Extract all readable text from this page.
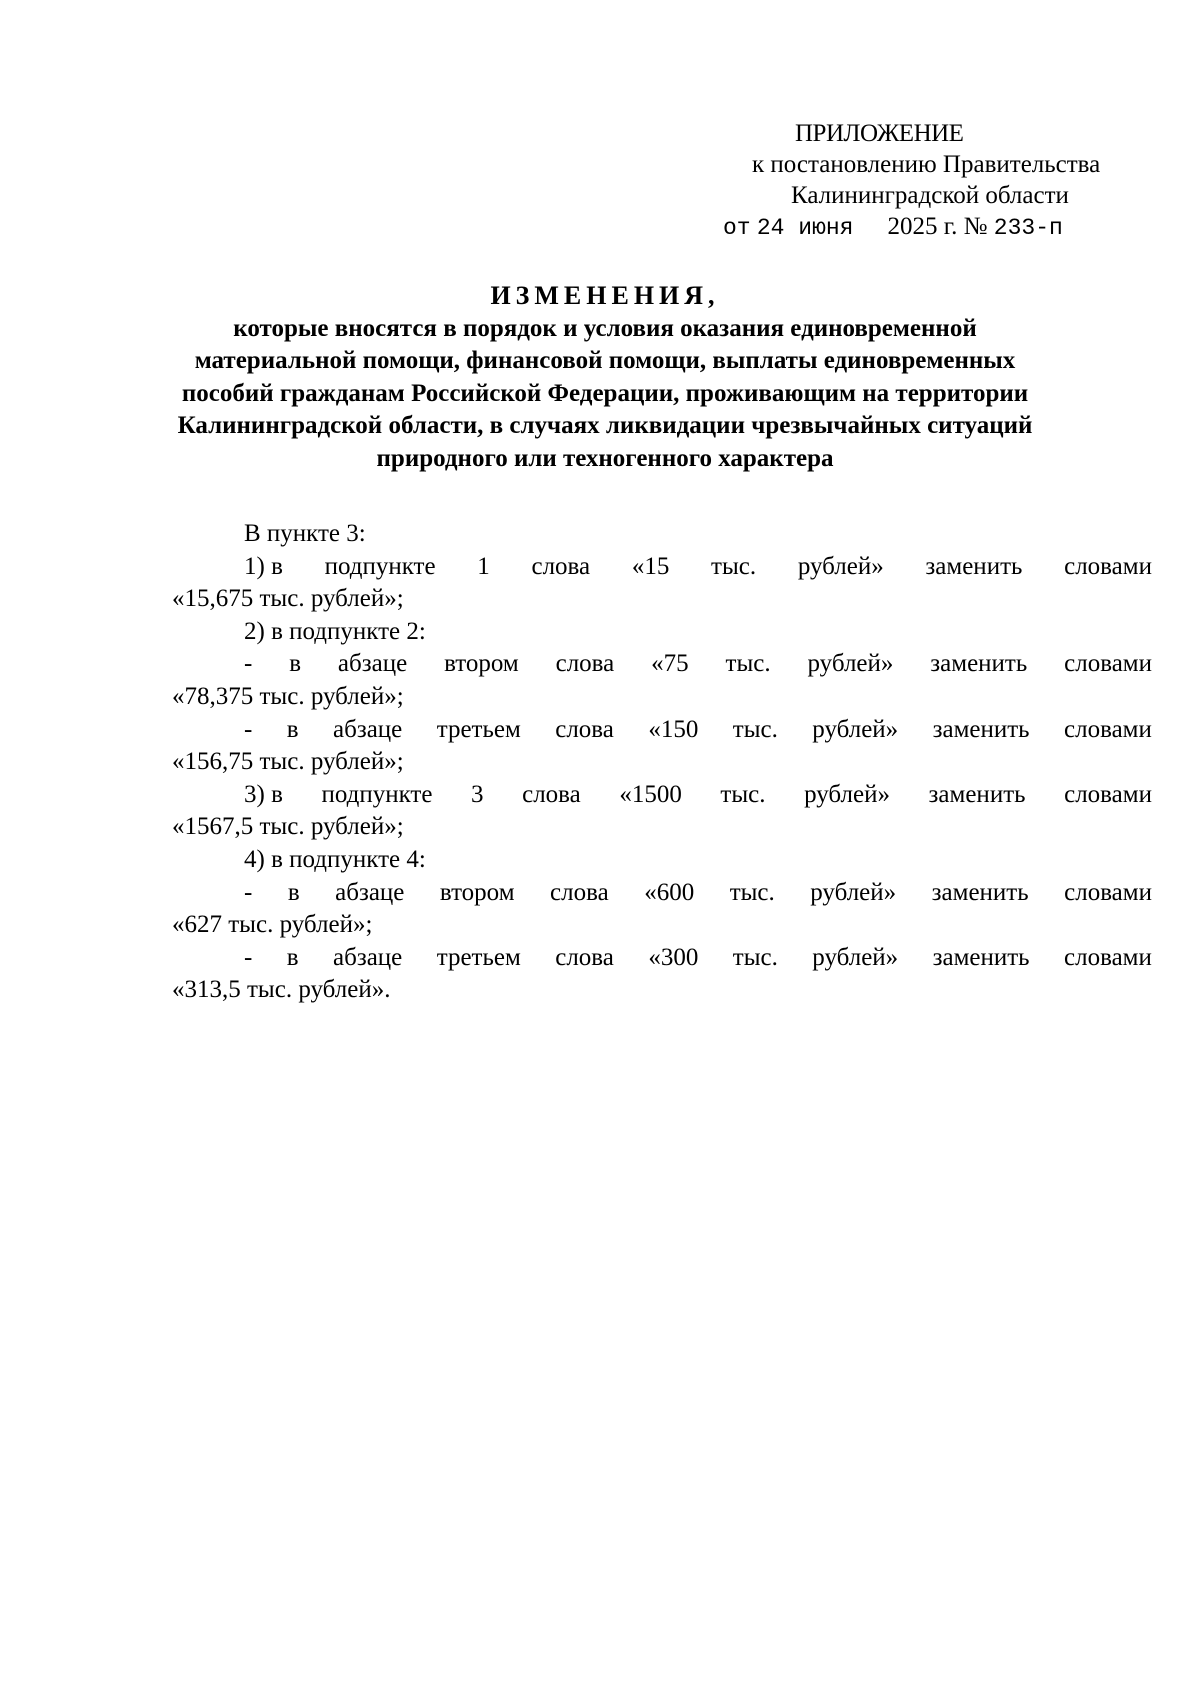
ПРИЛОЖЕНИЕ
к постановлению Правительства
Калининградской области
от 24 июня 2025 г. № 233-п
ИЗМЕНЕНИЯ,
которые вносятся в порядок и условия оказания единовременной
материальной помощи, финансовой помощи, выплаты единовременных
пособий гражданам Российской Федерации, проживающим на территории
Калининградской области, в случаях ликвидации чрезвычайных ситуаций
природного или техногенного характера
В пункте 3:
1) в подпункте 1 слова «15 тыс. рублей» заменить словами
«15,675 тыс. рублей»;
2) в подпункте 2:
- в абзаце втором слова «75 тыс. рублей» заменить словами
«78,375 тыс. рублей»;
- в абзаце третьем слова «150 тыс. рублей» заменить словами
«156,75 тыс. рублей»;
3) в подпункте 3 слова «1500 тыс. рублей» заменить словами
«1567,5 тыс. рублей»;
4) в подпункте 4:
- в абзаце втором слова «600 тыс. рублей» заменить словами
«627 тыс. рублей»;
- в абзаце третьем слова «300 тыс. рублей» заменить словами
«313,5 тыс. рублей».
